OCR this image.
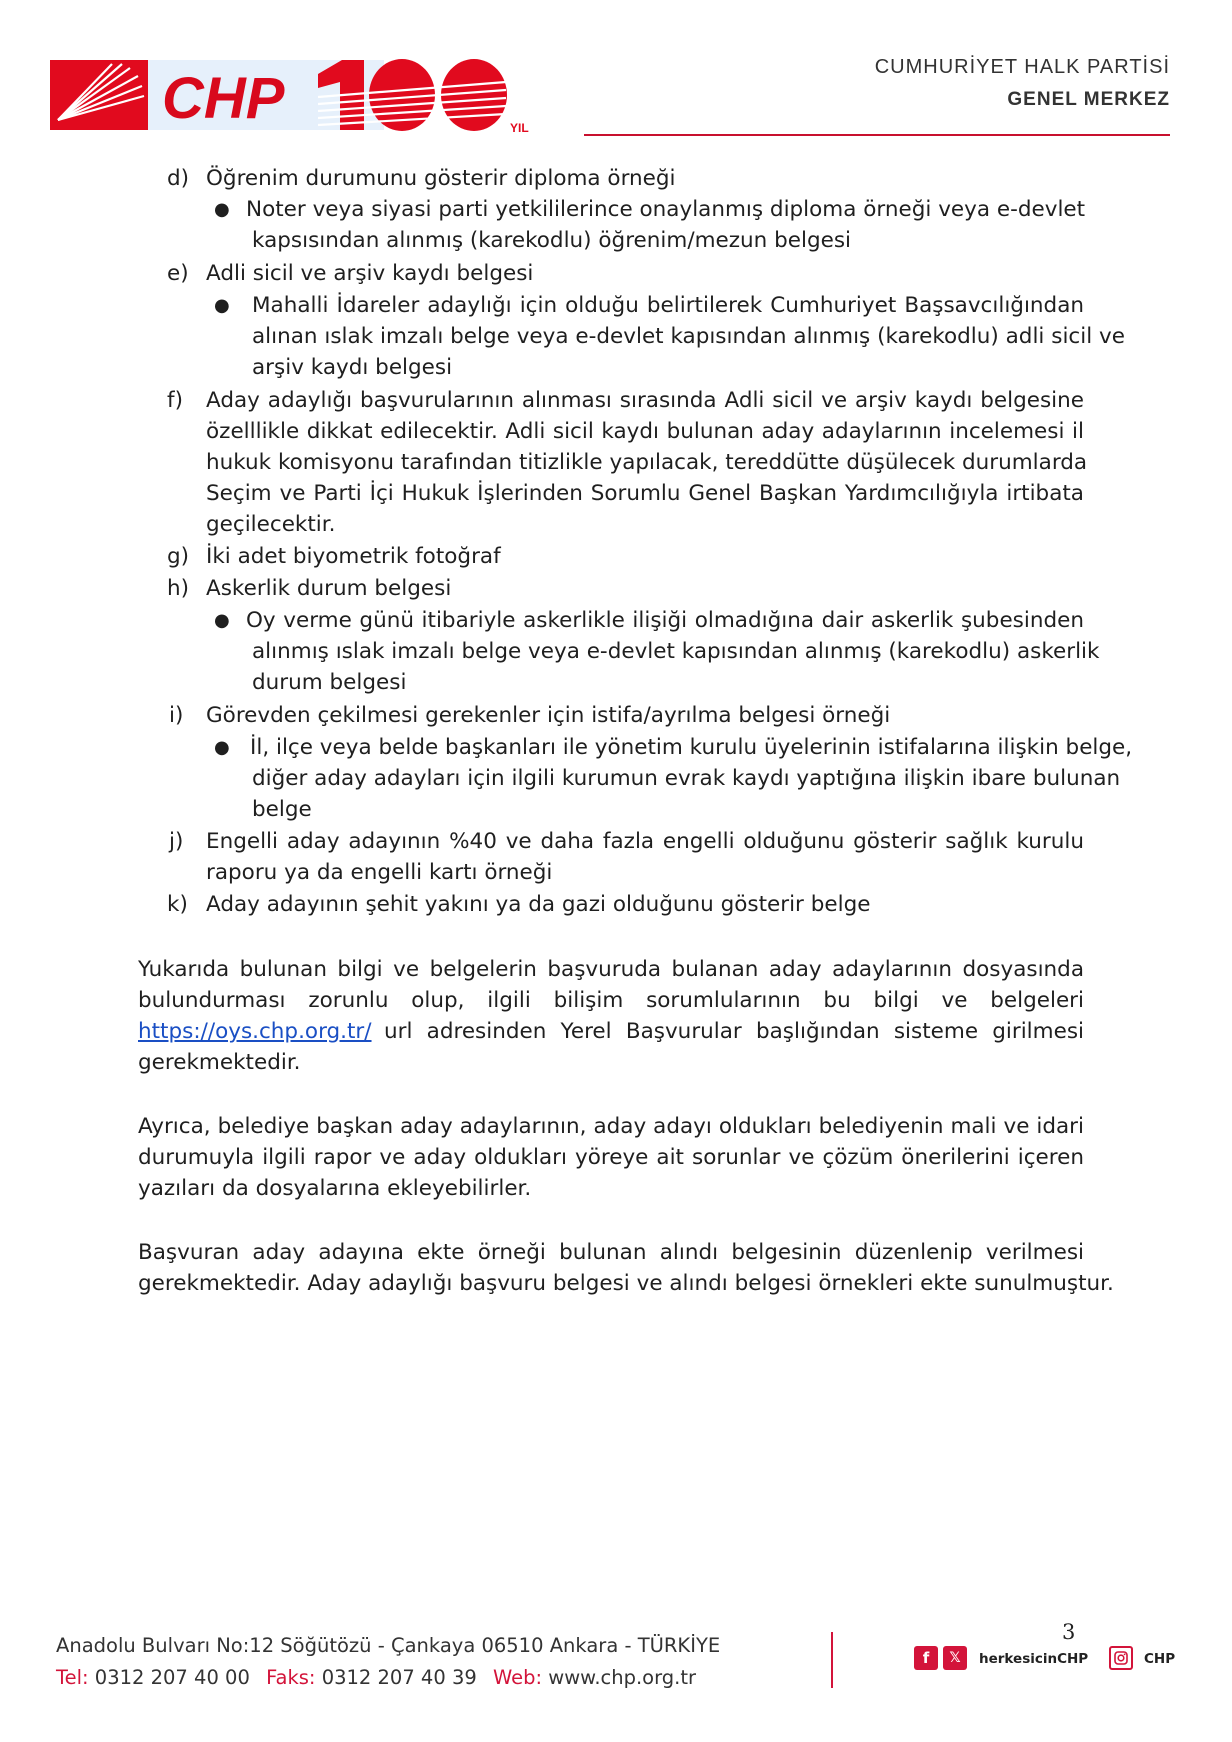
CHP	YIL
CUMHURİYET HALK PARTİSİ
GENEL MERKEZ
d) Öğrenim durumunu gösterir diploma örneği
● Noter veya siyasi parti yetkililerince onaylanmış diploma örneği veya e-devlet
kapsısından alınmış (karekodlu) öğrenim/mezun belgesi
e) Adli sicil ve arşiv kaydı belgesi
● Mahalli İdareler adaylığı için olduğu belirtilerek Cumhuriyet Başsavcılığından
alınan ıslak imzalı belge veya e-devlet kapısından alınmış (karekodlu) adli sicil ve
arşiv kaydı belgesi
f) Aday adaylığı başvurularının alınması sırasında Adli sicil ve arşiv kaydı belgesine
özelllikle dikkat edilecektir. Adli sicil kaydı bulunan aday adaylarının incelemesi il
hukuk komisyonu tarafından titizlikle yapılacak, tereddütte düşülecek durumlarda
Seçim ve Parti İçi Hukuk İşlerinden Sorumlu Genel Başkan Yardımcılığıyla irtibata
geçilecektir.
g) İki adet biyometrik fotoğraf
h) Askerlik durum belgesi
● Oy verme günü itibariyle askerlikle ilişiği olmadığına dair askerlik şubesinden
alınmış ıslak imzalı belge veya e-devlet kapısından alınmış (karekodlu) askerlik
durum belgesi
i) Görevden çekilmesi gerekenler için istifa/ayrılma belgesi örneği
● İl, ilçe veya belde başkanları ile yönetim kurulu üyelerinin istifalarına ilişkin belge,
diğer aday adayları için ilgili kurumun evrak kaydı yaptığına ilişkin ibare bulunan
belge
j) Engelli aday adayının %40 ve daha fazla engelli olduğunu gösterir sağlık kurulu
raporu ya da engelli kartı örneği
k) Aday adayının şehit yakını ya da gazi olduğunu gösterir belge
Yukarıda bulunan bilgi ve belgelerin başvuruda bulanan aday adaylarının dosyasında
bulundurması zorunlu olup, ilgili bilişim sorumlularının bu bilgi ve belgeleri
https://oys.chp.org.tr/ url adresinden Yerel Başvurular başlığından sisteme girilmesi
gerekmektedir.
Ayrıca, belediye başkan aday adaylarının, aday adayı oldukları belediyenin mali ve idari
durumuyla ilgili rapor ve aday oldukları yöreye ait sorunlar ve çözüm önerilerini içeren
yazıları da dosyalarına ekleyebilirler.
Başvuran aday adayına ekte örneği bulunan alındı belgesinin düzenlenip verilmesi
gerekmektedir. Aday adaylığı başvuru belgesi ve alındı belgesi örnekleri ekte sunulmuştur.
3
Anadolu Bulvarı No:12 Söğütözü - Çankaya 06510 Ankara - TÜRKİYE
Tel: 0312 207 40 00 Faks: 0312 207 40 39 Web: www.chp.org.tr
f	𝕏	herkesicinCHP	CHP
